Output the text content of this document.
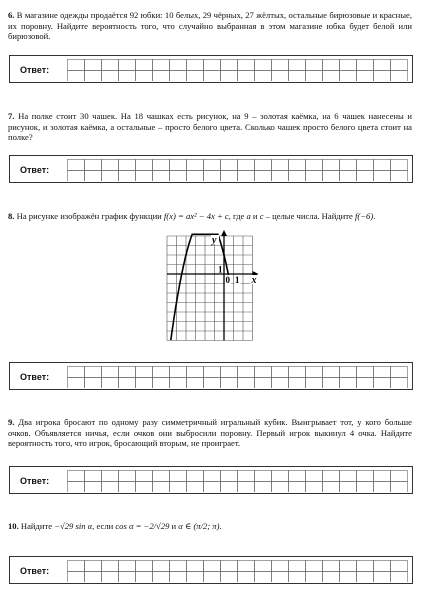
6. В магазине одежды продаётся 92 юбки: 10 белых, 29 чёрных, 27 жёлтых, остальные бирюзовые и красные, их поровну. Найдите вероятность того, что случайно выбранная в этом магазине юбка будет белой или бирюзовой.
Ответ:
7. На полке стоит 30 чашек. На 18 чашках есть рисунок, на 9 – золотая каёмка, на 6 чашек нанесены и рисунок, и золотая каёмка, а остальные – просто белого цвета. Сколько чашек просто белого цвета стоит на полке?
Ответ:
8. На рисунке изображён график функции f(x) = ax² − 4x + c, где a и c – целые числа. Найдите f(−6).
x
y
0 1
1
Ответ:
9. Два игрока бросают по одному разу симметричный игральный кубик. Выигрывает тот, у кого больше очков. Объявляется ничья, если очков они выбросили поровну. Первый игрок выкинул 4 очка. Найдите вероятность того, что игрок, бросающий вторым, не проиграет.
Ответ:
10. Найдите −√29 sin α, если cos α = −2/√29 и α ∈ (π/2; π).
Ответ:
